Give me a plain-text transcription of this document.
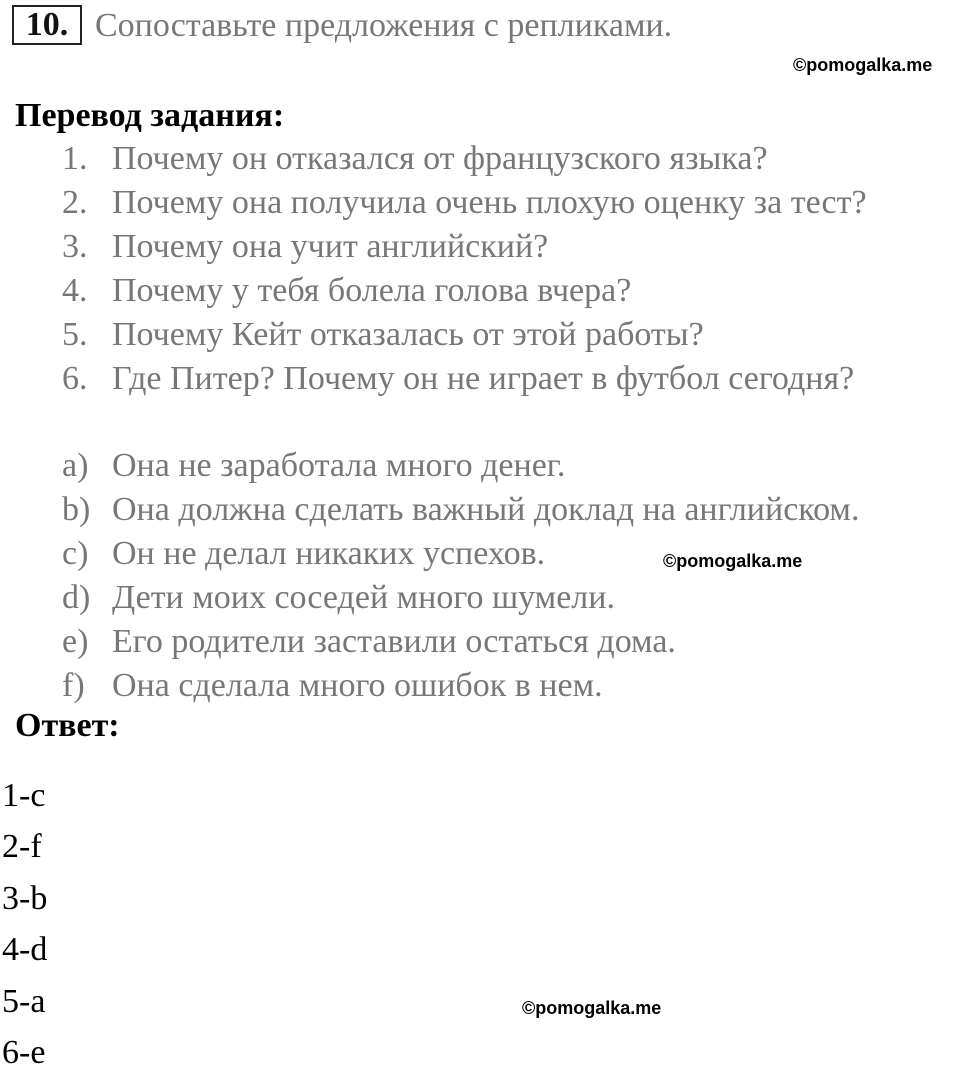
10. Сопоставьте предложения с репликами.
©pomogalka.me
Перевод задания:
1. Почему он отказался от французского языка?
2. Почему она получила очень плохую оценку за тест?
3. Почему она учит английский?
4. Почему у тебя болела голова вчера?
5. Почему Кейт отказалась от этой работы?
6. Где Питер? Почему он не играет в футбол сегодня?
a) Она не заработала много денег.
b) Она должна сделать важный доклад на английском.
c) Он не делал никаких успехов.
d) Дети моих соседей много шумели.
e) Его родители заставили остаться дома.
f) Она сделала много ошибок в нем.
©pomogalka.me
Ответ:
1-c
2-f
3-b
4-d
5-a
6-e
©pomogalka.me
